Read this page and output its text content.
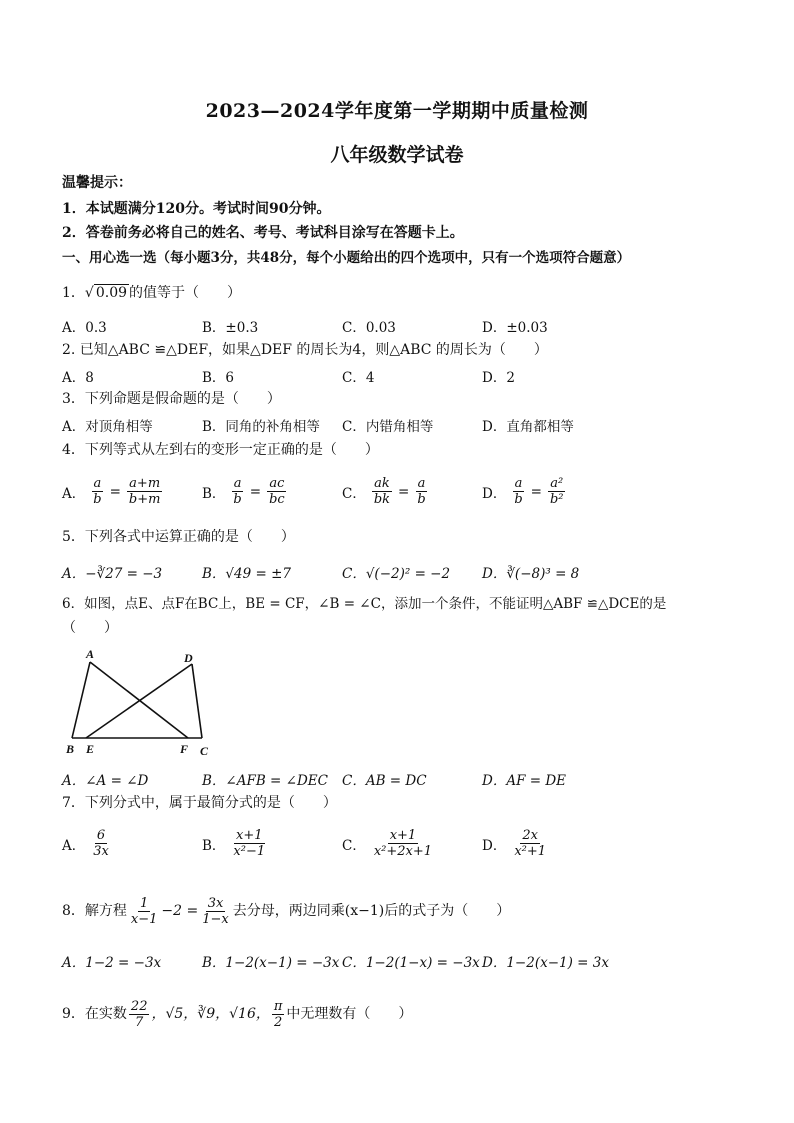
2023—2024学年度第一学期期中质量检测
八年级数学试卷
温馨提示：
1．本试题满分120分。考试时间90分钟。
2．答卷前务必将自己的姓名、考号、考试科目涂写在答题卡上。
一、用心选一选（每小题3分，共48分，每个小题给出的四个选项中，只有一个选项符合题意）
1．√ 0.09 的值等于（　　）
A．0.3	B．±0.3	C．0.03	D．±0.03
2. 已知△ABC ≌△DEF，如果△DEF 的周长为4，则△ABC 的周长为（　　）
A．8	B．6	C．4	D．2
3．下列命题是假命题的是（　　）
A．对顶角相等	B．同角的补角相等 C．内错角相等	D．直角都相等
4．下列等式从左到右的变形一定正确的是（　　）
A． $\frac{a}{b} = \frac{a+m}{b+m}$	B． $\frac{a}{b} = \frac{ac}{bc}$	C． $\frac{ak}{bk} = \frac{a}{b}$	D． $\frac{a}{b} = \frac{\text{a²}}{\text{b²}}$
5．下列各式中运算正确的是（　　）
A．−∛27 = −3	B．√49 = ±7	C．√(−2)² = −2 D．∛(−8)³ = 8
6．如图，点E、点F在BC上，BE = CF，∠B = ∠C，添加一个条件，不能证明△ABF ≌△DCE的是
（　　）
A	D
B E	F C
A．∠A = ∠D	B．∠AFB = ∠DEC C．AB = DC	D．AF = DE
7．下列分式中，属于最简分式的是（　　）
A． $\frac{6}{3x}$	B． $\frac{x+1}{\text{x²−1}}$	C． $\frac{x+1}{\text{x²+2x+1}}$	D． $\frac{2x}{\text{x²+1}}$
8．解方程 $\frac{1}{x-1} -2 = \frac{3x}{1-x}$ 去分母，两边同乘(x−1)后的式子为（　　）
A．1−2 = −3x	B．1−2(x−1) = −3x C．1−2(1−x) = −3x D．1−2(x−1) = 3x
9．在实数 $\frac{22}{7}$ ，√5，∛9，√16， $\frac{\pi}{2}$ 中无理数有（　　）
